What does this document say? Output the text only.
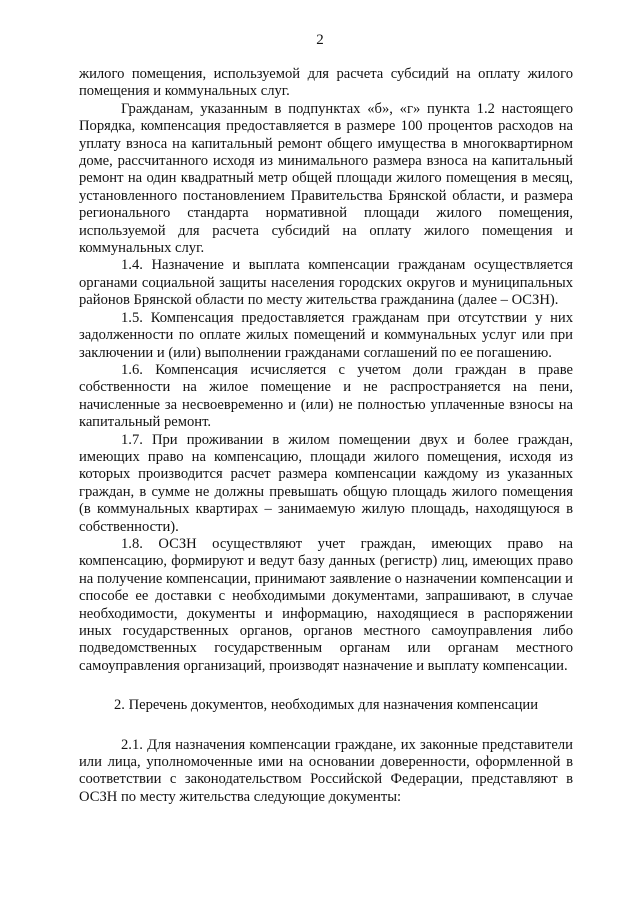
2

жилого помещения, используемой для расчета субсидий на оплату жилого помещения и коммунальных слуг.

Гражданам, указанным в подпунктах «б», «г» пункта 1.2 настоящего Порядка, компенсация предоставляется в размере 100 процентов расходов на уплату взноса на капитальный ремонт общего имущества в многоквартирном доме, рассчитанного исходя из минимального размера взноса на капитальный ремонт на один квадратный метр общей площади жилого помещения в месяц, установленного постановлением Правительства Брянской области, и размера регионального стандарта нормативной площади жилого помещения, используемой для расчета субсидий на оплату жилого помещения и коммунальных слуг.

1.4. Назначение и выплата компенсации гражданам осуществляется органами социальной защиты населения городских округов и муниципальных районов Брянской области по месту жительства гражданина (далее – ОСЗН).

1.5. Компенсация предоставляется гражданам при отсутствии у них задолженности по оплате жилых помещений и коммунальных услуг или при заключении и (или) выполнении гражданами соглашений по ее погашению.

1.6. Компенсация исчисляется с учетом доли граждан в праве собственности на жилое помещение и не распространяется на пени, начисленные за несвоевременно и (или) не полностью уплаченные взносы на капитальный ремонт.

1.7. При проживании в жилом помещении двух и более граждан, имеющих право на компенсацию, площади жилого помещения, исходя из которых производится расчет размера компенсации каждому из указанных граждан, в сумме не должны превышать общую площадь жилого помещения (в коммунальных квартирах – занимаемую жилую площадь, находящуюся в собственности).

1.8. ОСЗН осуществляют учет граждан, имеющих право на компенсацию, формируют и ведут базу данных (регистр) лиц, имеющих право на получение компенсации, принимают заявление о назначении компенсации и способе ее доставки с необходимыми документами, запрашивают, в случае необходимости, документы и информацию, находящиеся в распоряжении иных государственных органов, органов местного самоуправления либо подведомственных государственным органам или органам местного самоуправления организаций, производят назначение и выплату компенсации.

2. Перечень документов, необходимых для назначения компенсации

2.1. Для назначения компенсации граждане, их законные представители или лица, уполномоченные ими на основании доверенности, оформленной в соответствии с законодательством Российской Федерации, представляют в ОСЗН по месту жительства следующие документы:
